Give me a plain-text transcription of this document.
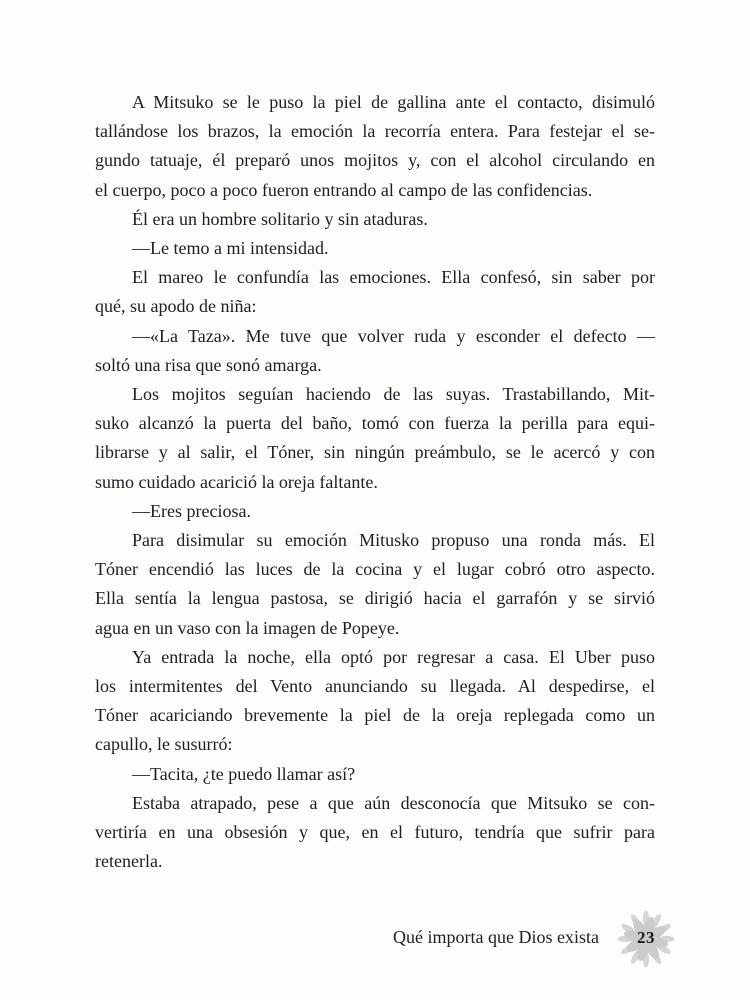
A Mitsuko se le puso la piel de gallina ante el contacto, disimuló
tallándose los brazos, la emoción la recorría entera. Para festejar el se-
gundo tatuaje, él preparó unos mojitos y, con el alcohol circulando en
el cuerpo, poco a poco fueron entrando al campo de las confidencias.
Él era un hombre solitario y sin ataduras.
—Le temo a mi intensidad.
El mareo le confundía las emociones. Ella confesó, sin saber por
qué, su apodo de niña:
—«La Taza». Me tuve que volver ruda y esconder el defecto —
soltó una risa que sonó amarga.
Los mojitos seguían haciendo de las suyas. Trastabillando, Mit-
suko alcanzó la puerta del baño, tomó con fuerza la perilla para equi-
librarse y al salir, el Tóner, sin ningún preámbulo, se le acercó y con
sumo cuidado acarició la oreja faltante.
—Eres preciosa.
Para disimular su emoción Mitusko propuso una ronda más. El
Tóner encendió las luces de la cocina y el lugar cobró otro aspecto.
Ella sentía la lengua pastosa, se dirigió hacia el garrafón y se sirvió
agua en un vaso con la imagen de Popeye.
Ya entrada la noche, ella optó por regresar a casa. El Uber puso
los intermitentes del Vento anunciando su llegada. Al despedirse, el
Tóner acariciando brevemente la piel de la oreja replegada como un
capullo, le susurró:
—Tacita, ¿te puedo llamar así?
Estaba atrapado, pese a que aún desconocía que Mitsuko se con-
vertiría en una obsesión y que, en el futuro, tendría que sufrir para
retenerla.
Qué importa que Dios exista 23
